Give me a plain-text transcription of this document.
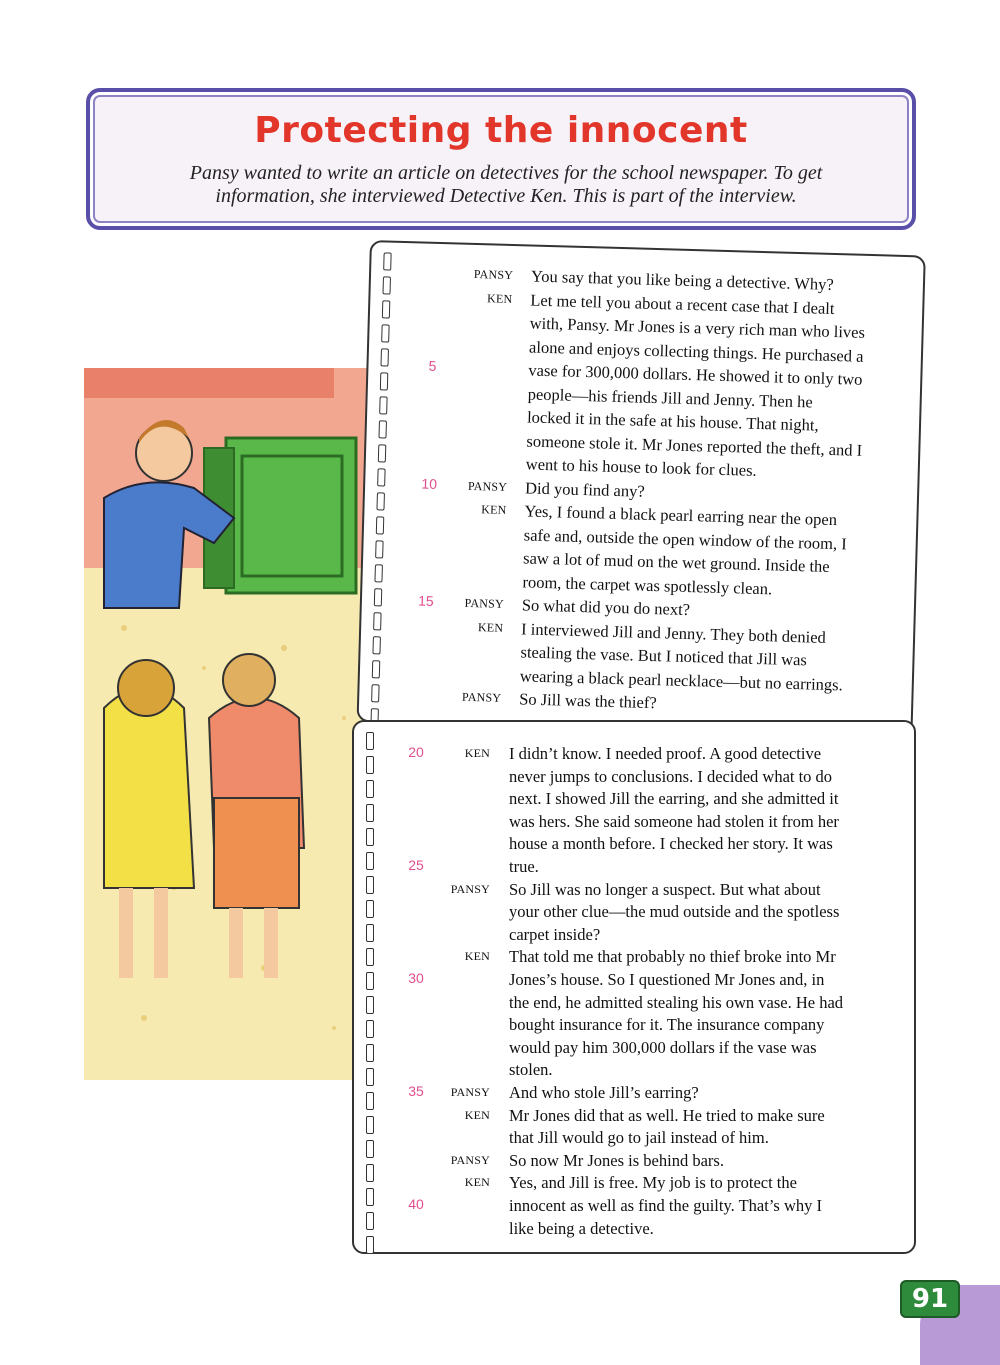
Protecting the innocent
Pansy wanted to write an article on detectives for the school newspaper. To get information, she interviewed Detective Ken. This is part of the interview.
PANSY You say that you like being a detective. Why?
KEN Let me tell you about a recent case that I dealt
with, Pansy. Mr Jones is a very rich man who lives
alone and enjoys collecting things. He purchased a
5	vase for 300,000 dollars. He showed it to only two
people—his friends Jill and Jenny. Then he
locked it in the safe at his house. That night,
someone stole it. Mr Jones reported the theft, and I
went to his house to look for clues.
10	PANSY Did you find any?
KEN Yes, I found a black pearl earring near the open
safe and, outside the open window of the room, I
saw a lot of mud on the wet ground. Inside the
room, the carpet was spotlessly clean.
15	PANSY So what did you do next?
KEN I interviewed Jill and Jenny. They both denied
stealing the vase. But I noticed that Jill was
wearing a black pearl necklace—but no earrings.
PANSY So Jill was the thief?
20	KEN I didn’t know. I needed proof. A good detective
never jumps to conclusions. I decided what to do
next. I showed Jill the earring, and she admitted it
was hers. She said someone had stolen it from her
house a month before. I checked her story. It was
25	true.
PANSY So Jill was no longer a suspect. But what about
your other clue—the mud outside and the spotless
carpet inside?
KEN That told me that probably no thief broke into Mr
30	Jones’s house. So I questioned Mr Jones and, in
the end, he admitted stealing his own vase. He had
bought insurance for it. The insurance company
would pay him 300,000 dollars if the vase was
stolen.
35	PANSY And who stole Jill’s earring?
KEN Mr Jones did that as well. He tried to make sure
that Jill would go to jail instead of him.
PANSY So now Mr Jones is behind bars.
KEN Yes, and Jill is free. My job is to protect the
40	innocent as well as find the guilty. That’s why I
like being a detective.
91
